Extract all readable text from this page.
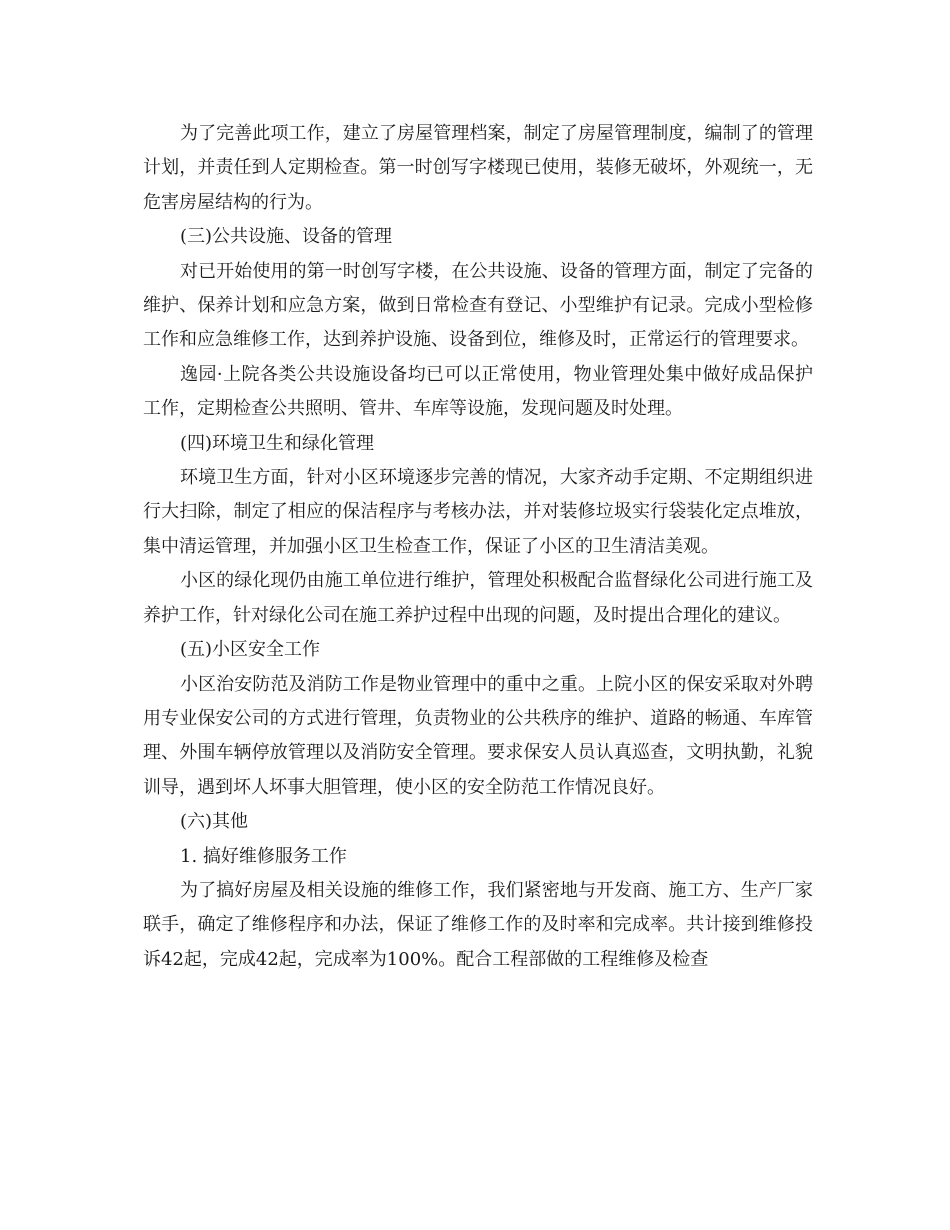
为了完善此项工作，建立了房屋管理档案，制定了房屋管理制度，编制了的管理计划，并责任到人定期检查。第一时创写字楼现已使用，装修无破坏，外观统一，无危害房屋结构的行为。

(三)公共设施、设备的管理

对已开始使用的第一时创写字楼，在公共设施、设备的管理方面，制定了完备的维护、保养计划和应急方案，做到日常检查有登记、小型维护有记录。完成小型检修工作和应急维修工作，达到养护设施、设备到位，维修及时，正常运行的管理要求。

逸园·上院各类公共设施设备均已可以正常使用，物业管理处集中做好成品保护工作，定期检查公共照明、管井、车库等设施，发现问题及时处理。

(四)环境卫生和绿化管理

环境卫生方面，针对小区环境逐步完善的情况，大家齐动手定期、不定期组织进行大扫除，制定了相应的保洁程序与考核办法，并对装修垃圾实行袋装化定点堆放，集中清运管理，并加强小区卫生检查工作，保证了小区的卫生清洁美观。

小区的绿化现仍由施工单位进行维护，管理处积极配合监督绿化公司进行施工及养护工作，针对绿化公司在施工养护过程中出现的问题，及时提出合理化的建议。

(五)小区安全工作

小区治安防范及消防工作是物业管理中的重中之重。上院小区的保安采取对外聘用专业保安公司的方式进行管理，负责物业的公共秩序的维护、道路的畅通、车库管理、外围车辆停放管理以及消防安全管理。要求保安人员认真巡查，文明执勤，礼貌训导，遇到坏人坏事大胆管理，使小区的安全防范工作情况良好。

(六)其他

1. 搞好维修服务工作

为了搞好房屋及相关设施的维修工作，我们紧密地与开发商、施工方、生产厂家联手，确定了维修程序和办法，保证了维修工作的及时率和完成率。共计接到维修投诉42起，完成42起，完成率为100%。配合工程部做的工程维修及检查
